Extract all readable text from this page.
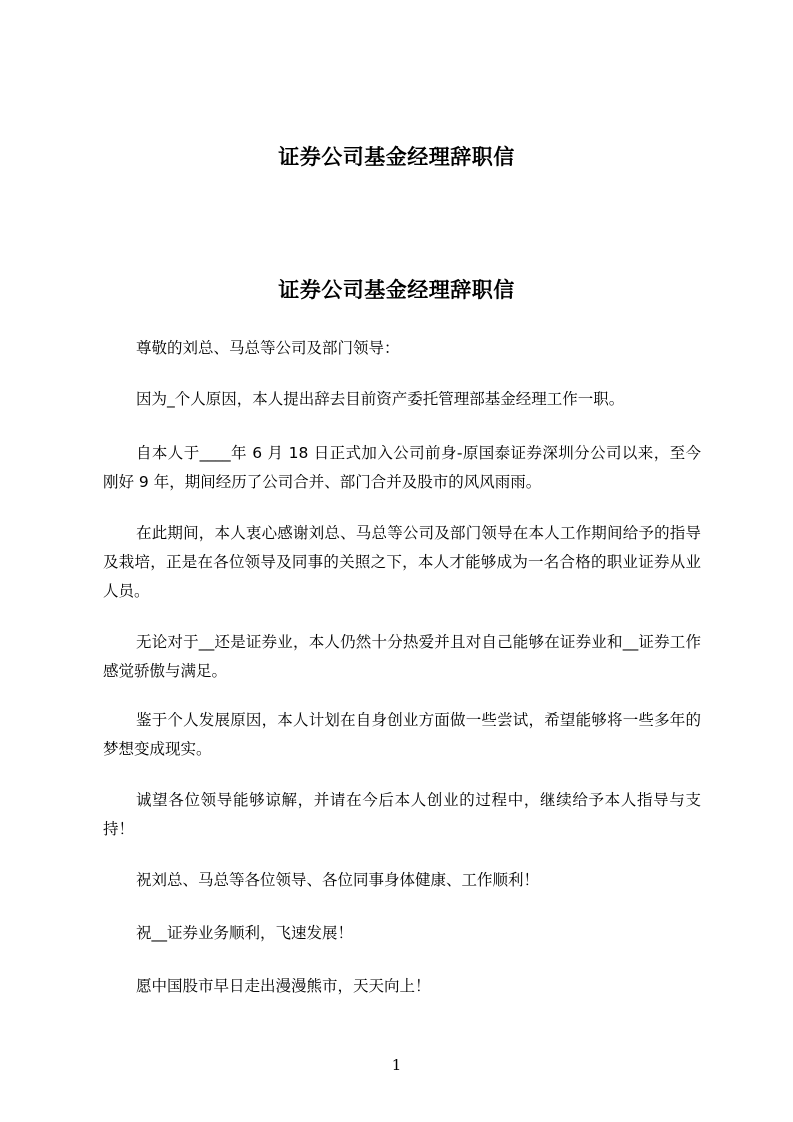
证券公司基金经理辞职信
证券公司基金经理辞职信

尊敬的刘总、马总等公司及部门领导：

因为_个人原因，本人提出辞去目前资产委托管理部基金经理工作一职。

自本人于____年 6 月 18 日正式加入公司前身-原国泰证券深圳分公司以来，至今刚好 9 年，期间经历了公司合并、部门合并及股市的风风雨雨。

在此期间，本人衷心感谢刘总、马总等公司及部门领导在本人工作期间给予的指导及栽培，正是在各位领导及同事的关照之下，本人才能够成为一名合格的职业证券从业人员。

无论对于__还是证券业，本人仍然十分热爱并且对自己能够在证券业和__证券工作感觉骄傲与满足。

鉴于个人发展原因，本人计划在自身创业方面做一些尝试，希望能够将一些多年的梦想变成现实。

诚望各位领导能够谅解，并请在今后本人创业的过程中，继续给予本人指导与支持！

祝刘总、马总等各位领导、各位同事身体健康、工作顺利！

祝__证券业务顺利，飞速发展！

愿中国股市早日走出漫漫熊市，天天向上！

1
